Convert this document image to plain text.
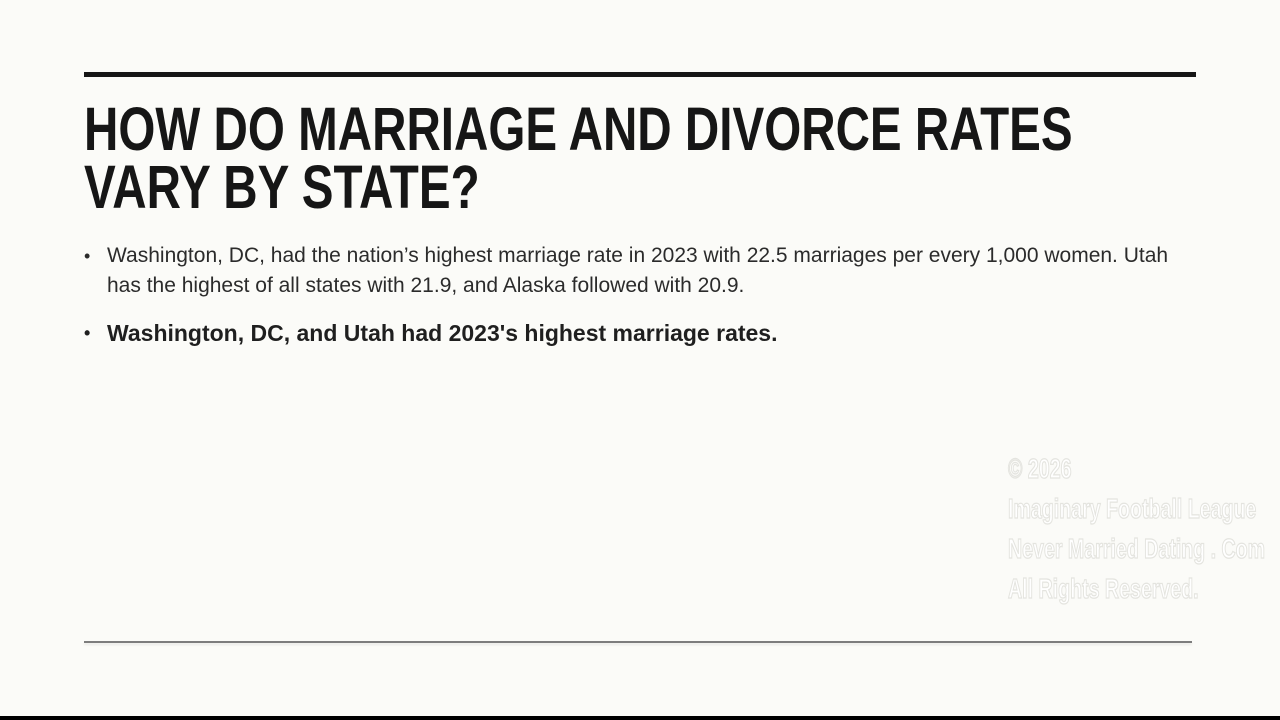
HOW DO MARRIAGE AND DIVORCE RATES
VARY BY STATE?
• Washington, DC, had the nation’s highest marriage rate in 2023 with 22.5 marriages per every 1,000 women. Utah has the highest of all states with 21.9, and Alaska followed with 20.9.
• Washington, DC, and Utah had 2023's highest marriage rates.
© 2026
Imaginary Football League
Never Married Dating . Com
All Rights Reserved.
